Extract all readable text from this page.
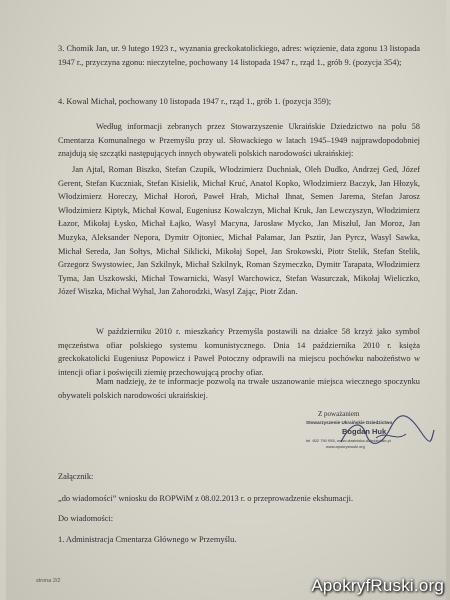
3. Chomik Jan, ur. 9 lutego 1923 r., wyznania greckokatolickiego, adres: więzienie, data zgonu 13 listopada 1947 r., przyczyna zgonu: nieczytelne, pochowany 14 listopada 1947 r., rząd 1., grób 9. (pozycja 354);
4. Kowal Michał, pochowany 10 listopada 1947 r., rząd 1., grób 1. (pozycja 359);
Według informacji zebranych przez Stowarzyszenie Ukraińskie Dziedzictwo na polu 58 Cmentarza Komunalnego w Przemyślu przy ul. Słowackiego w latach 1945–1949 najprawdopodobniej znajdują się szczątki następujących innych obywateli polskich narodowości ukraińskiej:
Jan Ajtal, Roman Biszko, Stefan Czupik, Włodzimierz Duchniak, Oleh Dudko, Andrzej Ged, Józef Gerent, Stefan Kuczniak, Stefan Kisielik, Michał Kruć, Anatol Kopko, Włodzimierz Baczyk, Jan Hłozyk, Włodzimierz Horeczy, Michał Horoń, Paweł Hrab, Michał Ihnat, Semen Jarema, Stefan Jarosz Włodzimierz Kiptyk, Michał Kowal, Eugeniusz Kowalczyn, Michał Kruk, Jan Lewczyszyn, Włodzimierz Łazor, Mikołaj Łysko, Michał Łajko, Wasyl Macyna, Jarosław Mycko, Jan Miszłul, Jan Moroz, Jan Muzyka, Aleksander Nepora, Dymitr Ojtoniec, Michał Pałamar, Jan Psztir, Jan Pyrcz, Wasyl Sawka, Michał Sereda, Jan Sołtys, Michał Siklicki, Mikołaj Sopeł, Jan Srokowski, Piotr Stelik, Stefan Stelik, Grzegorz Swystowiec, Jan Szkilnyk, Michał Szkilnyk, Roman Szymeczko, Dymitr Tarapata, Włodzimierz Tyma, Jan Uszkowski, Michał Towarnicki, Wasyl Warchowicz, Stefan Wasurczak, Mikołaj Wieliczko, Józef Wiszka, Michał Wyhal, Jan Zahorodzki, Wasyl Zając, Piotr Zdan.
W październiku 2010 r. mieszkańcy Przemyśla postawili na działce 58 krzyż jako symbol męczeństwa ofiar polskiego systemu komunistycznego. Dnia 14 października 2010 r. księża greckokatolicki Eugeniusz Popowicz i Paweł Potoczny odprawili na miejscu pochówku nabożeństwo w intencji ofiar i poświęcili ziemię przechowującą prochy ofiar.
Mam nadzieję, że te informacje pozwolą na trwałe uszanowanie miejsca wiecznego spoczynku obywateli polskich narodowości ukraińskiej.
Z poważaniem
Stowarzyszenie Ukraińskie Dziedzictwo
Bogdan Huk
tel. 602 790 955, www.ukrainiska-dziedzictwo.pl
www.apokrysruski.org
Załącznik:
„do wiadomości” wniosku do ROPWiM z 08.02.2013 r. o przeprowadzenie ekshumacji.
Do wiadomości:
1. Administracja Cmentarza Głównego w Przemyślu.
strona 2/2	ApokryfRuski.org
